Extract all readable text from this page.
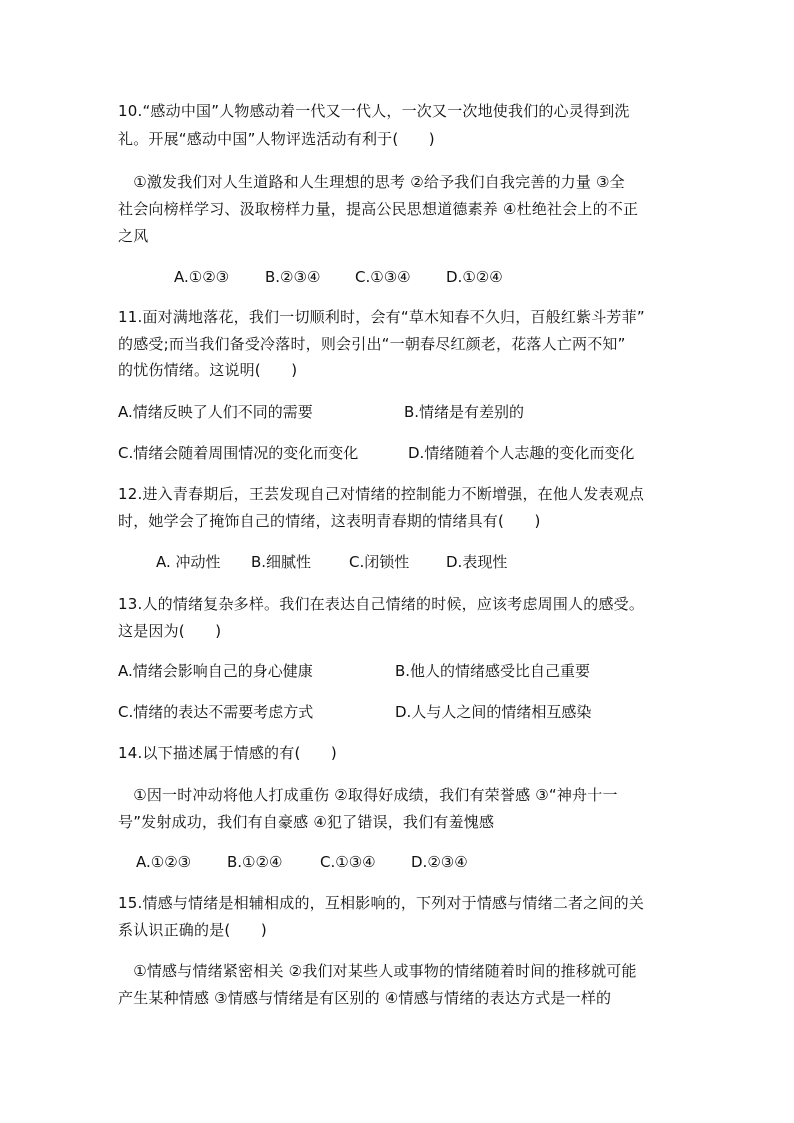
10.“感动中国”人物感动着一代又一代人，一次又一次地使我们的心灵得到洗
礼。开展“感动中国”人物评选活动有利于(　　)
　①激发我们对人生道路和人生理想的思考 ②给予我们自我完善的力量 ③全
社会向榜样学习、汲取榜样力量，提高公民思想道德素养 ④杜绝社会上的不正
之风
A.①②③ B.②③④ C.①③④ D.①②④
11.面对满地落花，我们一切顺利时，会有“草木知春不久归，百般红紫斗芳菲”
的感受;而当我们备受冷落时，则会引出“一朝春尽红颜老，花落人亡两不知”
的忧伤情绪。这说明(　　)
A.情绪反映了人们不同的需要	B.情绪是有差别的
C.情绪会随着周围情况的变化而变化	D.情绪随着个人志趣的变化而变化
12.进入青春期后，王芸发现自己对情绪的控制能力不断增强，在他人发表观点
时，她学会了掩饰自己的情绪，这表明青春期的情绪具有(　　)
A. 冲动性 B.细腻性	C.闭锁性 D.表现性
13.人的情绪复杂多样。我们在表达自己情绪的时候，应该考虑周围人的感受。
这是因为(　　)
A.情绪会影响自己的身心健康	B.他人的情绪感受比自己重要
C.情绪的表达不需要考虑方式	D.人与人之间的情绪相互感染
14.以下描述属于情感的有(　　)
　①因一时冲动将他人打成重伤 ②取得好成绩，我们有荣誉感 ③“神舟十一
号”发射成功，我们有自豪感 ④犯了错误，我们有羞愧感
A.①②③ B.①②④	C.①③④ D.②③④
15.情感与情绪是相辅相成的，互相影响的，下列对于情感与情绪二者之间的关
系认识正确的是(　　)
　①情感与情绪紧密相关 ②我们对某些人或事物的情绪随着时间的推移就可能
产生某种情感 ③情感与情绪是有区别的 ④情感与情绪的表达方式是一样的
